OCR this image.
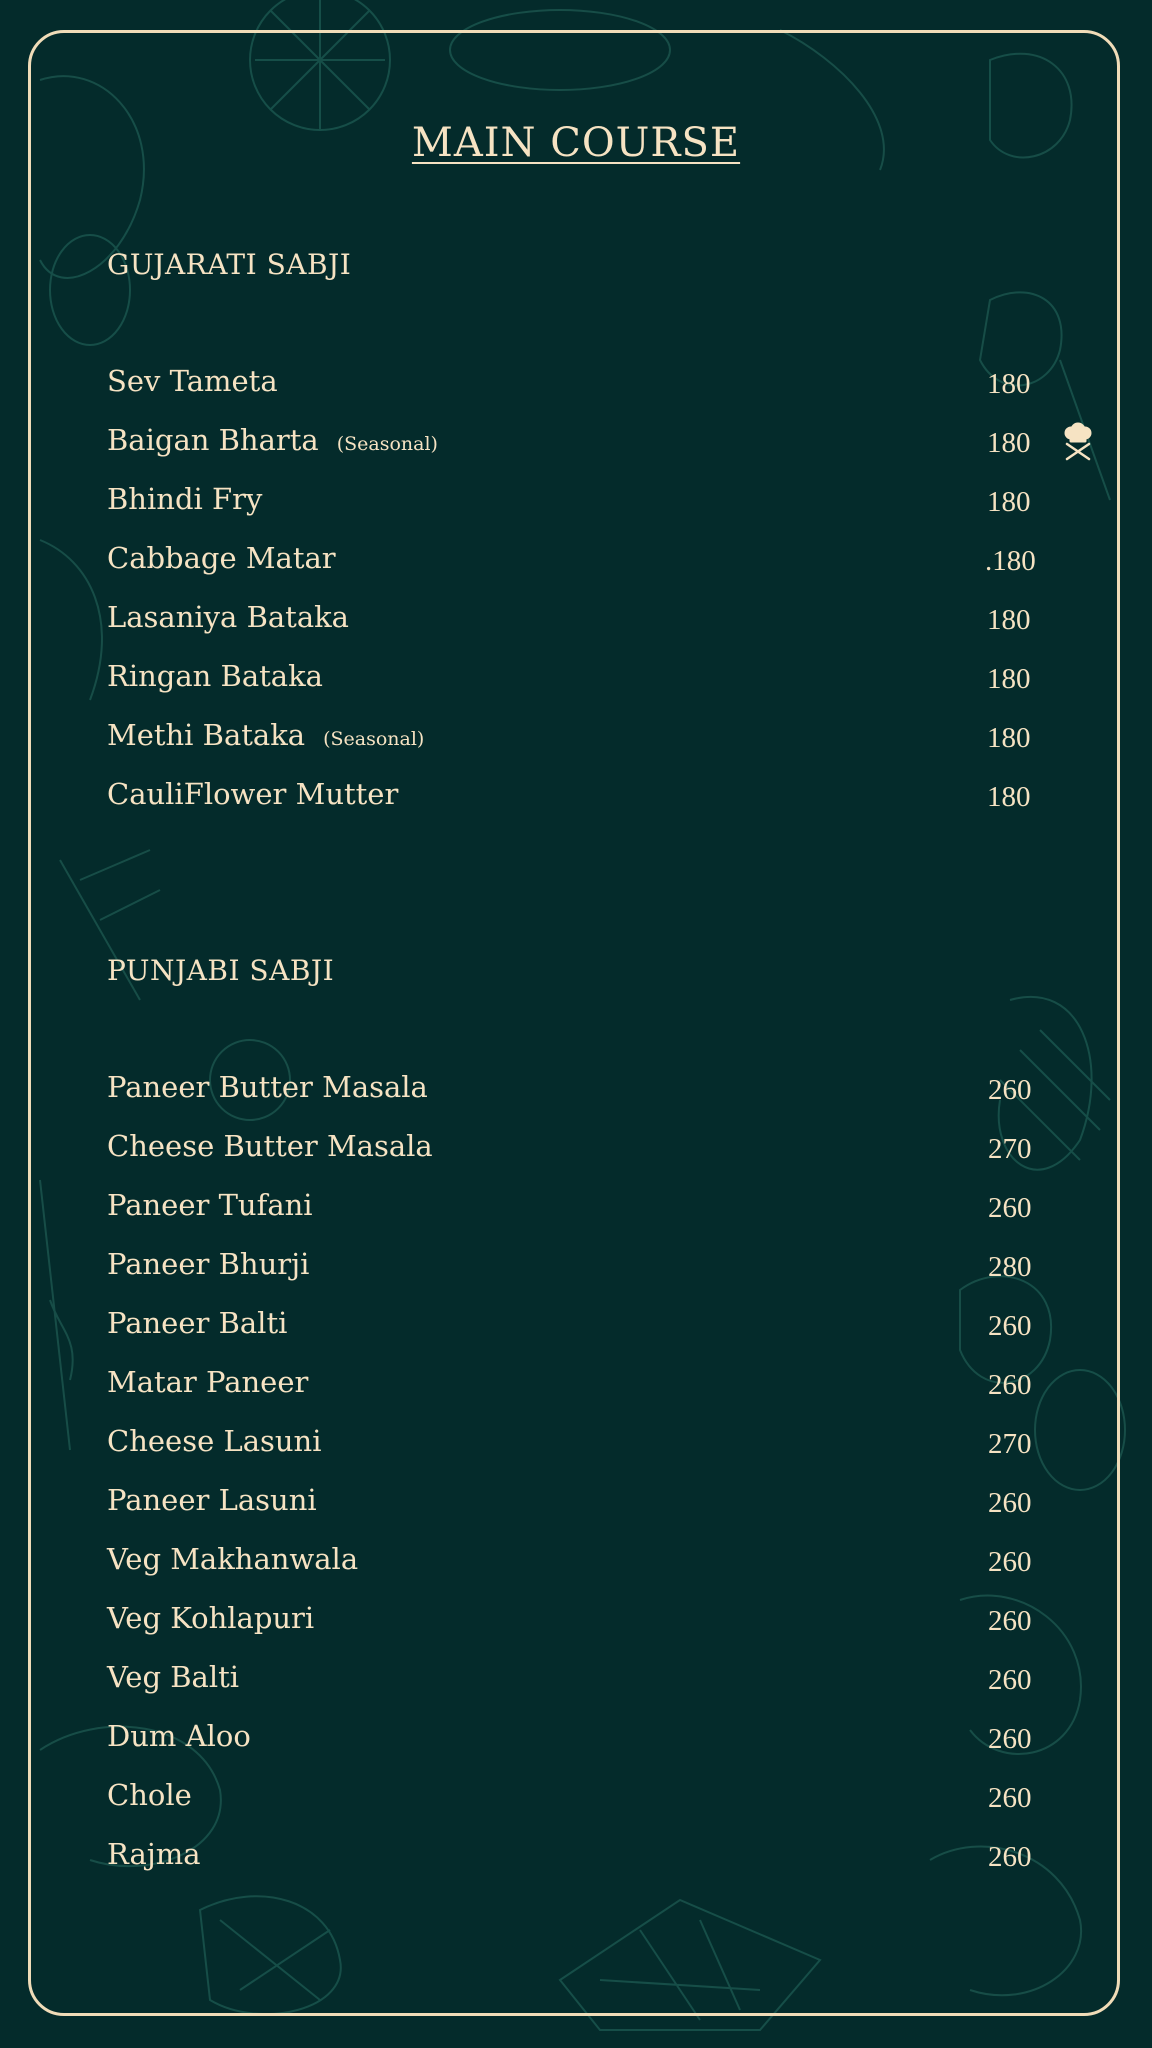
MAIN COURSE
GUJARATI SABJI
Sev Tameta	180
Baigan Bharta (Seasonal)	180
Bhindi Fry	180
Cabbage Matar	.180
Lasaniya Bataka	180
Ringan Bataka	180
Methi Bataka (Seasonal)	180
CauliFlower Mutter	180
PUNJABI SABJI
Paneer Butter Masala	260
Cheese Butter Masala	270
Paneer Tufani	260
Paneer Bhurji	280
Paneer Balti	260
Matar Paneer	260
Cheese Lasuni	270
Paneer Lasuni	260
Veg Makhanwala	260
Veg Kohlapuri	260
Veg Balti	260
Dum Aloo	260
Chole	260
Rajma	260
